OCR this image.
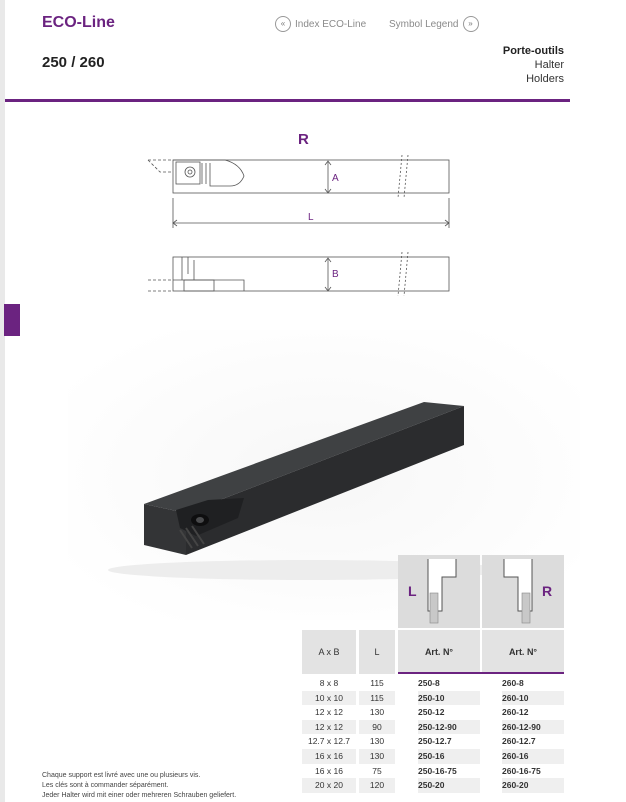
ECO-Line
250 / 260
« Index ECO-Line Symbol Legend	»
Porte-outils
Halter
Holders
R
A
L
B
L	R
A x B	L	Art. N°	Art. N°
8 x 8	115	250-8	260-8
10 x 10	115	250-10	260-10
12 x 12	130	250-12	260-12
12 x 12	90	250-12-90	260-12-90
12.7 x 12.7	130	250-12.7	260-12.7
16 x 16	130	250-16	260-16
16 x 16	75	250-16-75	260-16-75
20 x 20	120	250-20	260-20
Chaque support est livré avec une ou plusieurs vis.
Les clés sont à commander séparément.
Jeder Halter wird mit einer oder mehreren Schrauben geliefert.
